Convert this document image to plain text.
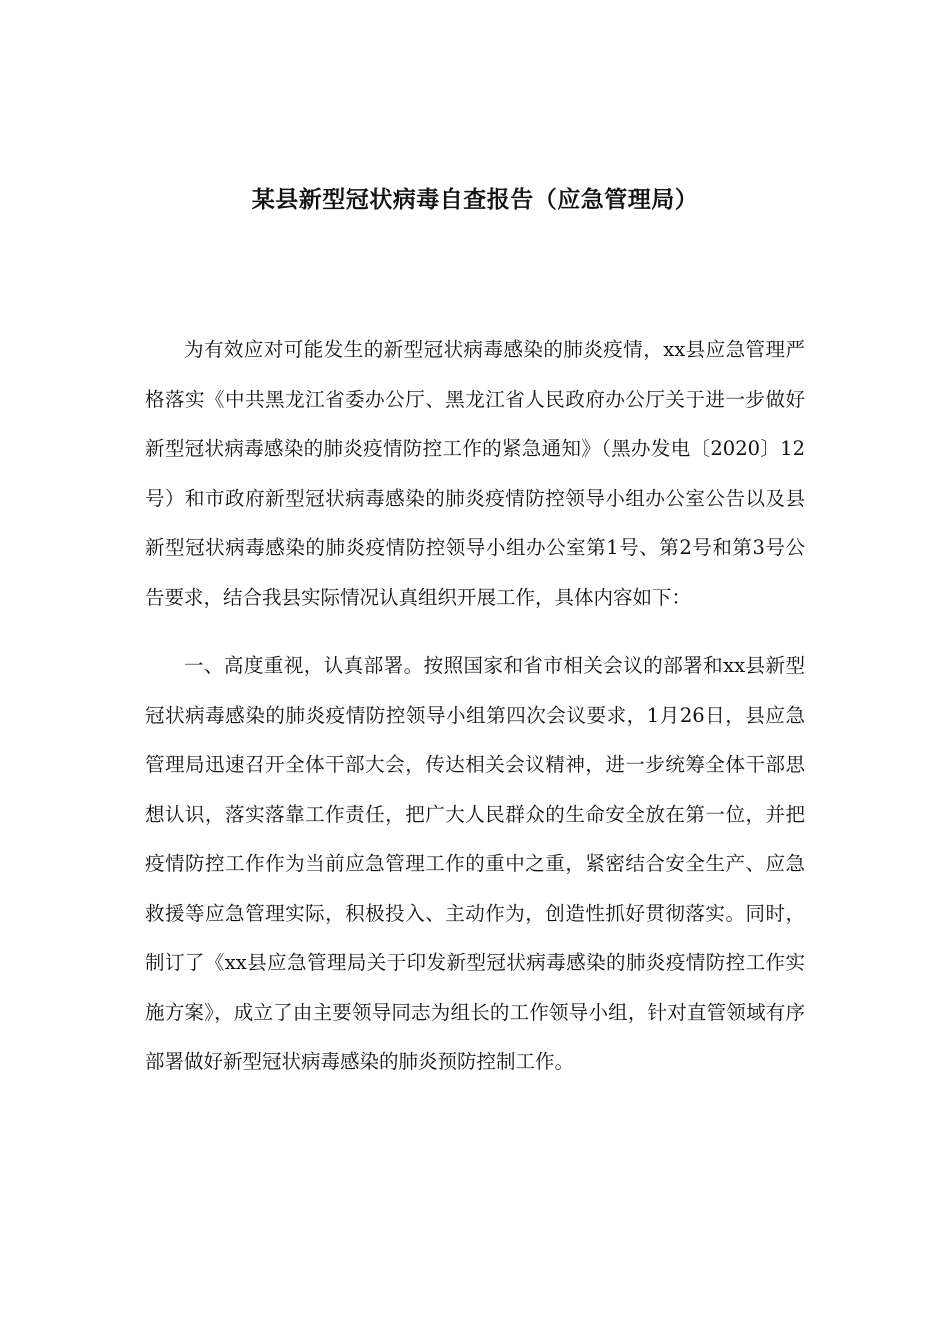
某县新型冠状病毒自查报告（应急管理局）

为有效应对可能发生的新型冠状病毒感染的肺炎疫情，xx县应急管理严格落实《中共黑龙江省委办公厅、黑龙江省人民政府办公厅关于进一步做好新型冠状病毒感染的肺炎疫情防控工作的紧急通知》（黑办发电〔2020〕12号）和市政府新型冠状病毒感染的肺炎疫情防控领导小组办公室公告以及县新型冠状病毒感染的肺炎疫情防控领导小组办公室第1号、第2号和第3号公告要求，结合我县实际情况认真组织开展工作，具体内容如下：

一、高度重视，认真部署。按照国家和省市相关会议的部署和xx县新型冠状病毒感染的肺炎疫情防控领导小组第四次会议要求，1月26日，县应急管理局迅速召开全体干部大会，传达相关会议精神，进一步统筹全体干部思想认识，落实落靠工作责任，把广大人民群众的生命安全放在第一位，并把疫情防控工作作为当前应急管理工作的重中之重，紧密结合安全生产、应急救援等应急管理实际，积极投入、主动作为，创造性抓好贯彻落实。同时，制订了《xx县应急管理局关于印发新型冠状病毒感染的肺炎疫情防控工作实施方案》，成立了由主要领导同志为组长的工作领导小组，针对直管领域有序部署做好新型冠状病毒感染的肺炎预防控制工作。
